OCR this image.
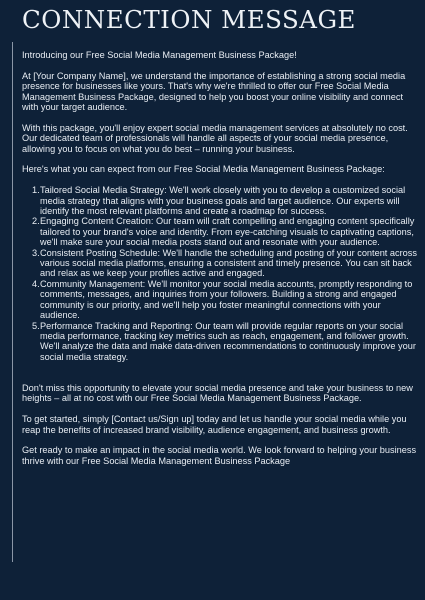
CONNECTION MESSAGE

Introducing our Free Social Media Management Business Package!

At [Your Company Name], we understand the importance of establishing a strong social media presence for businesses like yours. That's why we're thrilled to offer our Free Social Media Management Business Package, designed to help you boost your online visibility and connect with your target audience.

With this package, you'll enjoy expert social media management services at absolutely no cost. Our dedicated team of professionals will handle all aspects of your social media presence, allowing you to focus on what you do best – running your business.

Here's what you can expect from our Free Social Media Management Business Package:

Tailored Social Media Strategy: We'll work closely with you to develop a customized social media strategy that aligns with your business goals and target audience. Our experts will identify the most relevant platforms and create a roadmap for success.
Engaging Content Creation: Our team will craft compelling and engaging content specifically tailored to your brand's voice and identity. From eye-catching visuals to captivating captions, we'll make sure your social media posts stand out and resonate with your audience.
Consistent Posting Schedule: We'll handle the scheduling and posting of your content across various social media platforms, ensuring a consistent and timely presence. You can sit back and relax as we keep your profiles active and engaged.
Community Management: We'll monitor your social media accounts, promptly responding to comments, messages, and inquiries from your followers. Building a strong and engaged community is our priority, and we'll help you foster meaningful connections with your audience.
Performance Tracking and Reporting: Our team will provide regular reports on your social media performance, tracking key metrics such as reach, engagement, and follower growth. We'll analyze the data and make data-driven recommendations to continuously improve your social media strategy.

Don't miss this opportunity to elevate your social media presence and take your business to new heights – all at no cost with our Free Social Media Management Business Package.

To get started, simply [Contact us/Sign up] today and let us handle your social media while you reap the benefits of increased brand visibility, audience engagement, and business growth.

Get ready to make an impact in the social media world. We look forward to helping your business thrive with our Free Social Media Management Business Package
